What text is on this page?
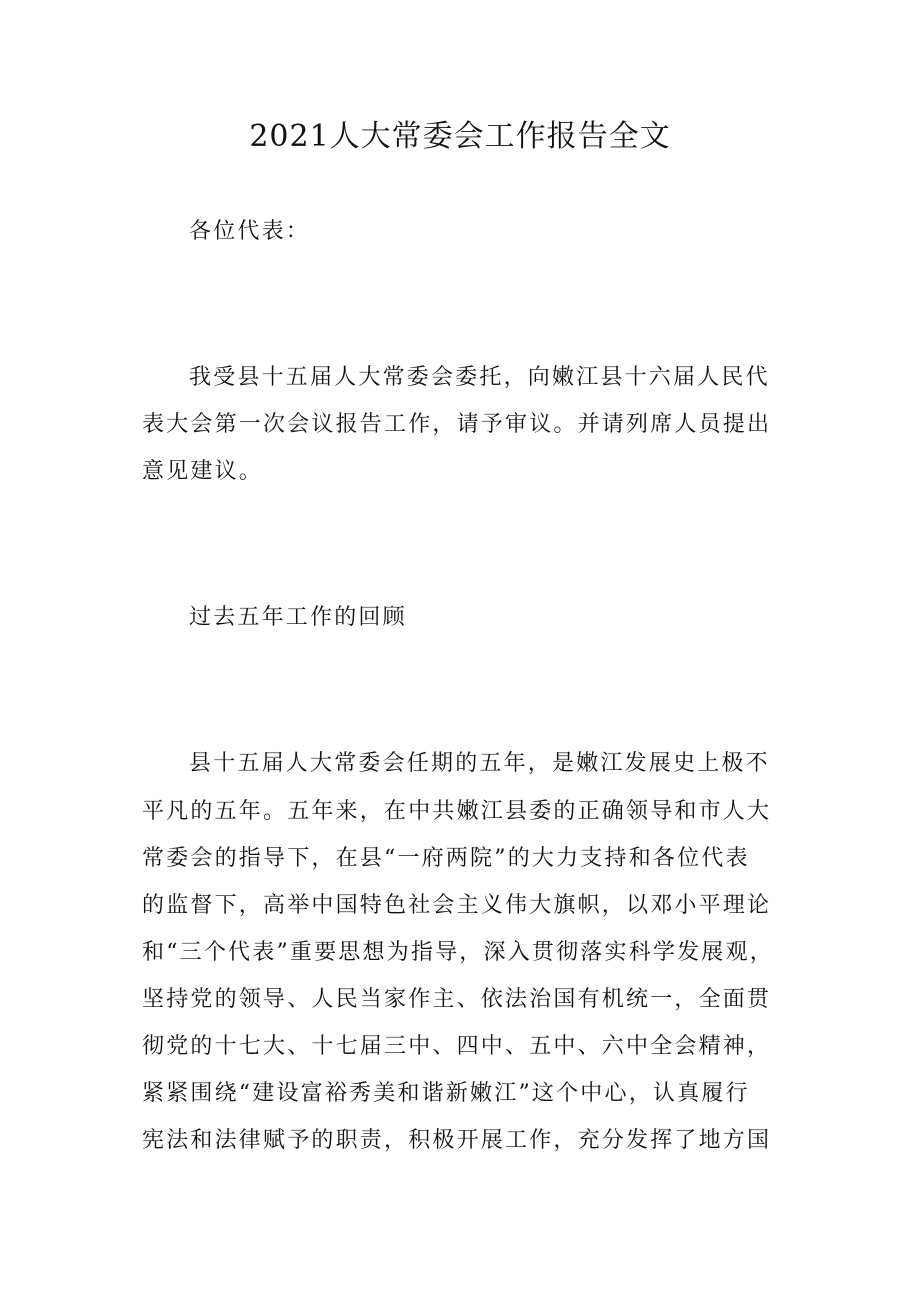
2021人大常委会工作报告全文
各位代表：
我受县十五届人大常委会委托，向嫩江县十六届人民代
表大会第一次会议报告工作，请予审议。并请列席人员提出
意见建议。
过去五年工作的回顾
县十五届人大常委会任期的五年，是嫩江发展史上极不
平凡的五年。五年来，在中共嫩江县委的正确领导和市人大
常委会的指导下，在县“一府两院”的大力支持和各位代表
的监督下，高举中国特色社会主义伟大旗帜，以邓小平理论
和“三个代表”重要思想为指导，深入贯彻落实科学发展观，
坚持党的领导、人民当家作主、依法治国有机统一，全面贯
彻党的十七大、十七届三中、四中、五中、六中全会精神，
紧紧围绕“建设富裕秀美和谐新嫩江”这个中心，认真履行
宪法和法律赋予的职责，积极开展工作，充分发挥了地方国
